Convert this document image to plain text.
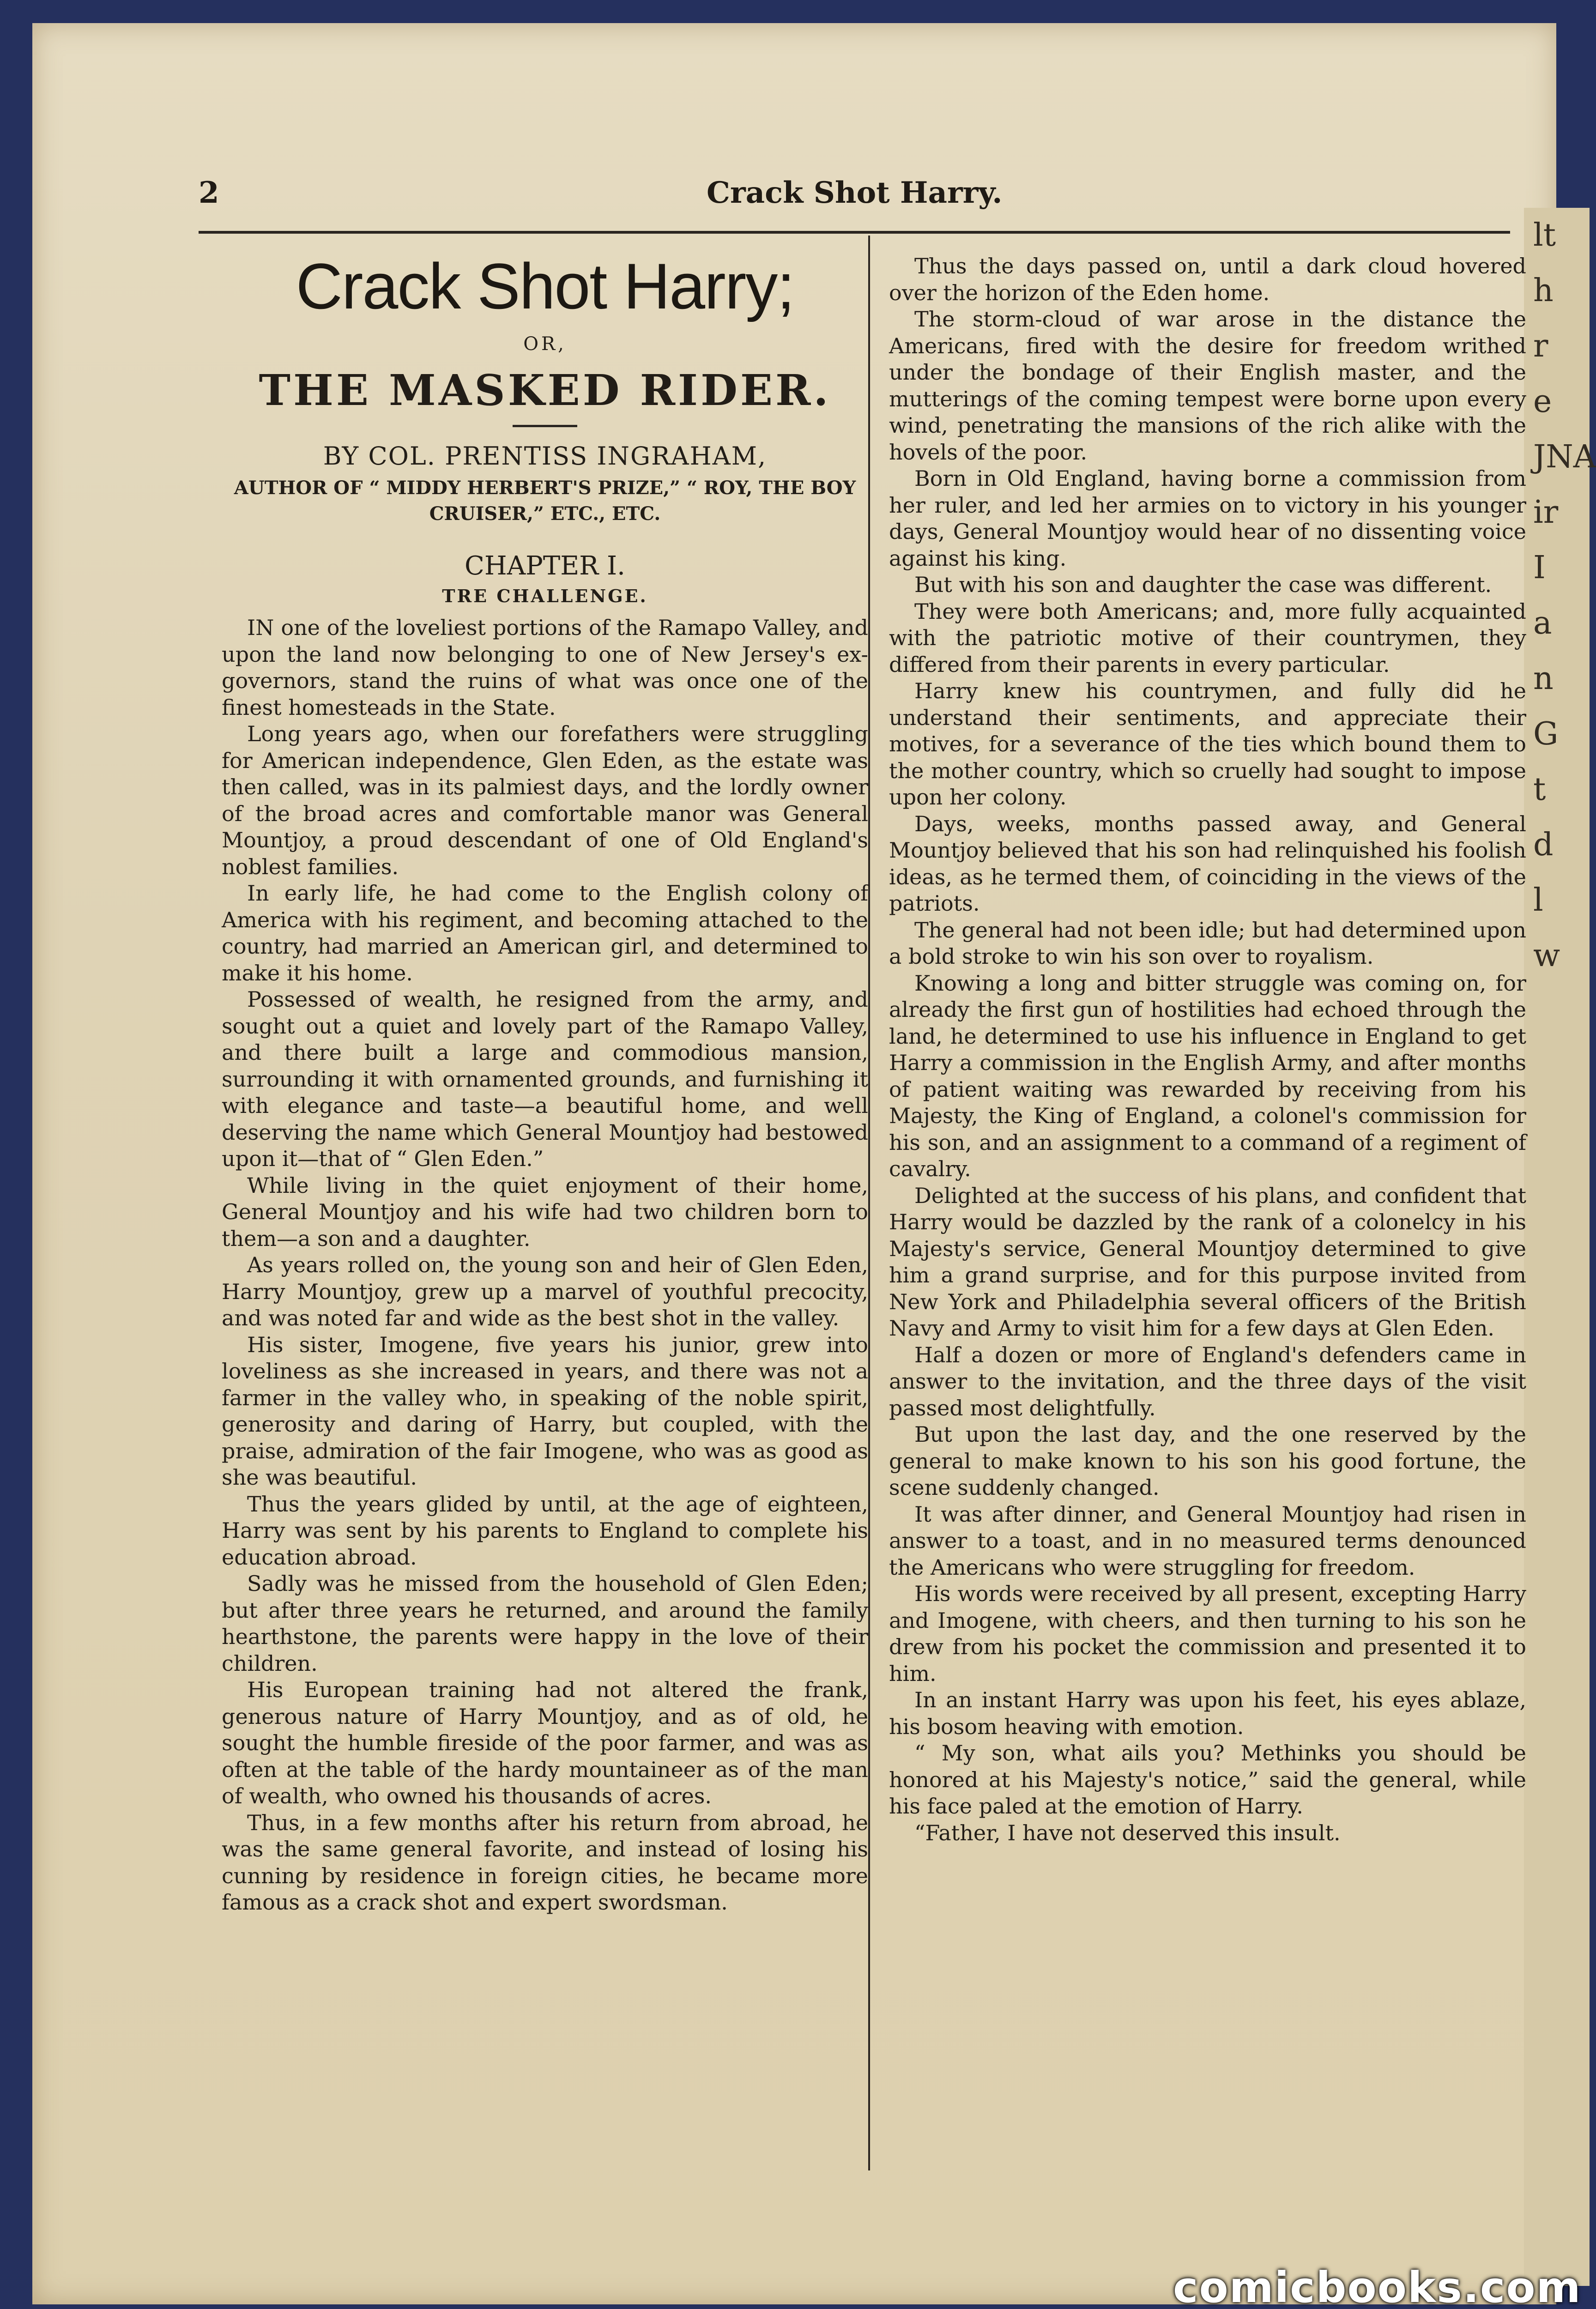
lt
h
r
e
JNA
ir
I
a
n
G
t
d
l
w
2	Crack Shot Harry.
Crack Shot Harry;
OR,
THE MASKED RIDER.
BY COL. PRENTISS INGRAHAM,
AUTHOR OF “ MIDDY HERBERT'S PRIZE,” “ ROY, THE BOY CRUISER,” ETC., ETC.
CHAPTER I.
TRE CHALLENGE.

IN one of the loveliest portions of the Ramapo Valley, and upon the land now belonging to one of New Jersey's ex-governors, stand the ruins of what was once one of the finest homesteads in the State.

Long years ago, when our forefathers were struggling for American independence, Glen Eden, as the estate was then called, was in its palmiest days, and the lordly owner of the broad acres and comfortable manor was General Mountjoy, a proud descendant of one of Old England's noblest families.

In early life, he had come to the English colony of America with his regiment, and becoming attached to the country, had married an American girl, and determined to make it his home.

Possessed of wealth, he resigned from the army, and sought out a quiet and lovely part of the Ramapo Valley, and there built a large and commodious mansion, surrounding it with ornamented grounds, and furnishing it with elegance and taste—a beautiful home, and well deserving the name which General Mountjoy had bestowed upon it—that of “ Glen Eden.”

While living in the quiet enjoyment of their home, General Mountjoy and his wife had two children born to them—a son and a daughter.

As years rolled on, the young son and heir of Glen Eden, Harry Mountjoy, grew up a marvel of youthful precocity, and was noted far and wide as the best shot in the valley.

His sister, Imogene, five years his junior, grew into loveliness as she increased in years, and there was not a farmer in the valley who, in speaking of the noble spirit, generosity and daring of Harry, but coupled, with the praise, admiration of the fair Imogene, who was as good as she was beautiful.

Thus the years glided by until, at the age of eighteen, Harry was sent by his parents to England to complete his education abroad.

Sadly was he missed from the household of Glen Eden; but after three years he returned, and around the family hearthstone, the parents were happy in the love of their children.

His European training had not altered the frank, generous nature of Harry Mountjoy, and as of old, he sought the humble fireside of the poor farmer, and was as often at the table of the hardy mountaineer as of the man of wealth, who owned his thousands of acres.

Thus, in a few months after his return from abroad, he was the same general favorite, and instead of losing his cunning by residence in foreign cities, he became more famous as a crack shot and expert swordsman.

Thus the days passed on, until a dark cloud hovered over the horizon of the Eden home.

The storm-cloud of war arose in the distance the Americans, fired with the desire for freedom writhed under the bondage of their English master, and the mutterings of the coming tempest were borne upon every wind, penetrating the mansions of the rich alike with the hovels of the poor.

Born in Old England, having borne a commission from her ruler, and led her armies on to victory in his younger days, General Mountjoy would hear of no dissenting voice against his king.

But with his son and daughter the case was different.

They were both Americans; and, more fully acquainted with the patriotic motive of their countrymen, they differed from their parents in every particular.

Harry knew his countrymen, and fully did he understand their sentiments, and appreciate their motives, for a severance of the ties which bound them to the mother country, which so cruelly had sought to impose upon her colony.

Days, weeks, months passed away, and General Mountjoy believed that his son had relinquished his foolish ideas, as he termed them, of coinciding in the views of the patriots.

The general had not been idle; but had determined upon a bold stroke to win his son over to royalism.

Knowing a long and bitter struggle was coming on, for already the first gun of hostilities had echoed through the land, he determined to use his influence in England to get Harry a commission in the English Army, and after months of patient waiting was rewarded by receiving from his Majesty, the King of England, a colonel's commission for his son, and an assignment to a command of a regiment of cavalry.

Delighted at the success of his plans, and confident that Harry would be dazzled by the rank of a colonelcy in his Majesty's service, General Mountjoy determined to give him a grand surprise, and for this purpose invited from New York and Philadelphia several officers of the British Navy and Army to visit him for a few days at Glen Eden.

Half a dozen or more of England's defenders came in answer to the invitation, and the three days of the visit passed most delightfully.

But upon the last day, and the one reserved by the general to make known to his son his good fortune, the scene suddenly changed.

It was after dinner, and General Mountjoy had risen in answer to a toast, and in no measured terms denounced the Americans who were struggling for freedom.

His words were received by all present, excepting Harry and Imogene, with cheers, and then turning to his son he drew from his pocket the commission and presented it to him.

In an instant Harry was upon his feet, his eyes ablaze, his bosom heaving with emotion.

“ My son, what ails you? Methinks you should be honored at his Majesty's notice,” said the general, while his face paled at the emotion of Harry.

“Father, I have not deserved this insult.

comicbooks.com
